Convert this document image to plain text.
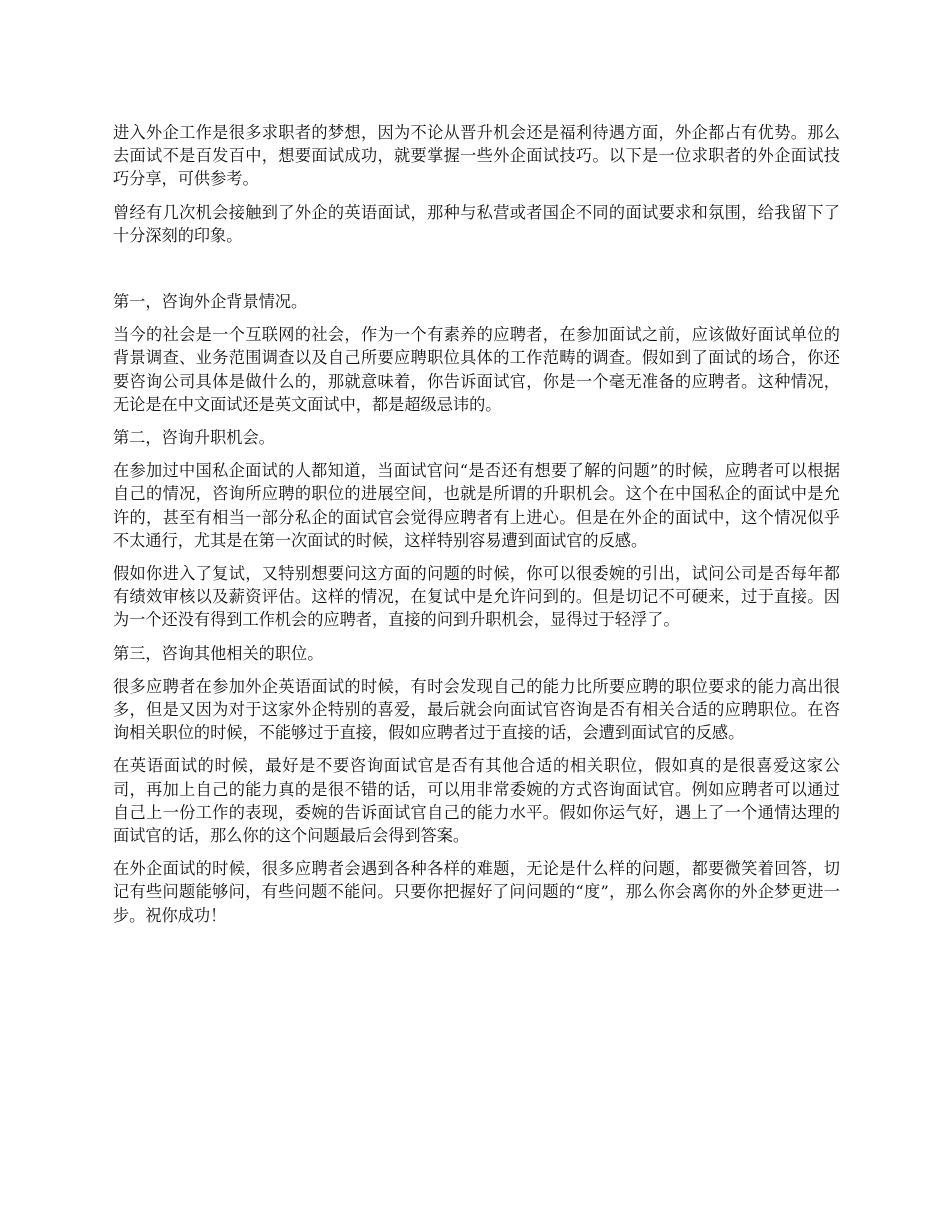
进入外企工作是很多求职者的梦想，因为不论从晋升机会还是福利待遇方面，外企都占有优势。那么去面试不是百发百中，想要面试成功，就要掌握一些外企面试技巧。以下是一位求职者的外企面试技巧分享，可供参考。

曾经有几次机会接触到了外企的英语面试，那种与私营或者国企不同的面试要求和氛围，给我留下了十分深刻的印象。

第一，咨询外企背景情况。

当今的社会是一个互联网的社会，作为一个有素养的应聘者，在参加面试之前，应该做好面试单位的背景调查、业务范围调查以及自己所要应聘职位具体的工作范畴的调查。假如到了面试的场合，你还要咨询公司具体是做什么的，那就意味着，你告诉面试官，你是一个毫无准备的应聘者。这种情况，无论是在中文面试还是英文面试中，都是超级忌讳的。

第二，咨询升职机会。

在参加过中国私企面试的人都知道，当面试官问“是否还有想要了解的问题”的时候，应聘者可以根据自己的情况，咨询所应聘的职位的进展空间，也就是所谓的升职机会。这个在中国私企的面试中是允许的，甚至有相当一部分私企的面试官会觉得应聘者有上进心。但是在外企的面试中，这个情况似乎不太通行，尤其是在第一次面试的时候，这样特别容易遭到面试官的反感。

假如你进入了复试，又特别想要问这方面的问题的时候，你可以很委婉的引出，试问公司是否每年都有绩效审核以及薪资评估。这样的情况，在复试中是允许问到的。但是切记不可硬来，过于直接。因为一个还没有得到工作机会的应聘者，直接的问到升职机会，显得过于轻浮了。

第三，咨询其他相关的职位。

很多应聘者在参加外企英语面试的时候，有时会发现自己的能力比所要应聘的职位要求的能力高出很多，但是又因为对于这家外企特别的喜爱，最后就会向面试官咨询是否有相关合适的应聘职位。在咨询相关职位的时候，不能够过于直接，假如应聘者过于直接的话，会遭到面试官的反感。

在英语面试的时候，最好是不要咨询面试官是否有其他合适的相关职位，假如真的是很喜爱这家公司，再加上自己的能力真的是很不错的话，可以用非常委婉的方式咨询面试官。例如应聘者可以通过自己上一份工作的表现，委婉的告诉面试官自己的能力水平。假如你运气好，遇上了一个通情达理的面试官的话，那么你的这个问题最后会得到答案。

在外企面试的时候，很多应聘者会遇到各种各样的难题，无论是什么样的问题，都要微笑着回答，切记有些问题能够问，有些问题不能问。只要你把握好了问问题的“度”，那么你会离你的外企梦更进一步。祝你成功！
